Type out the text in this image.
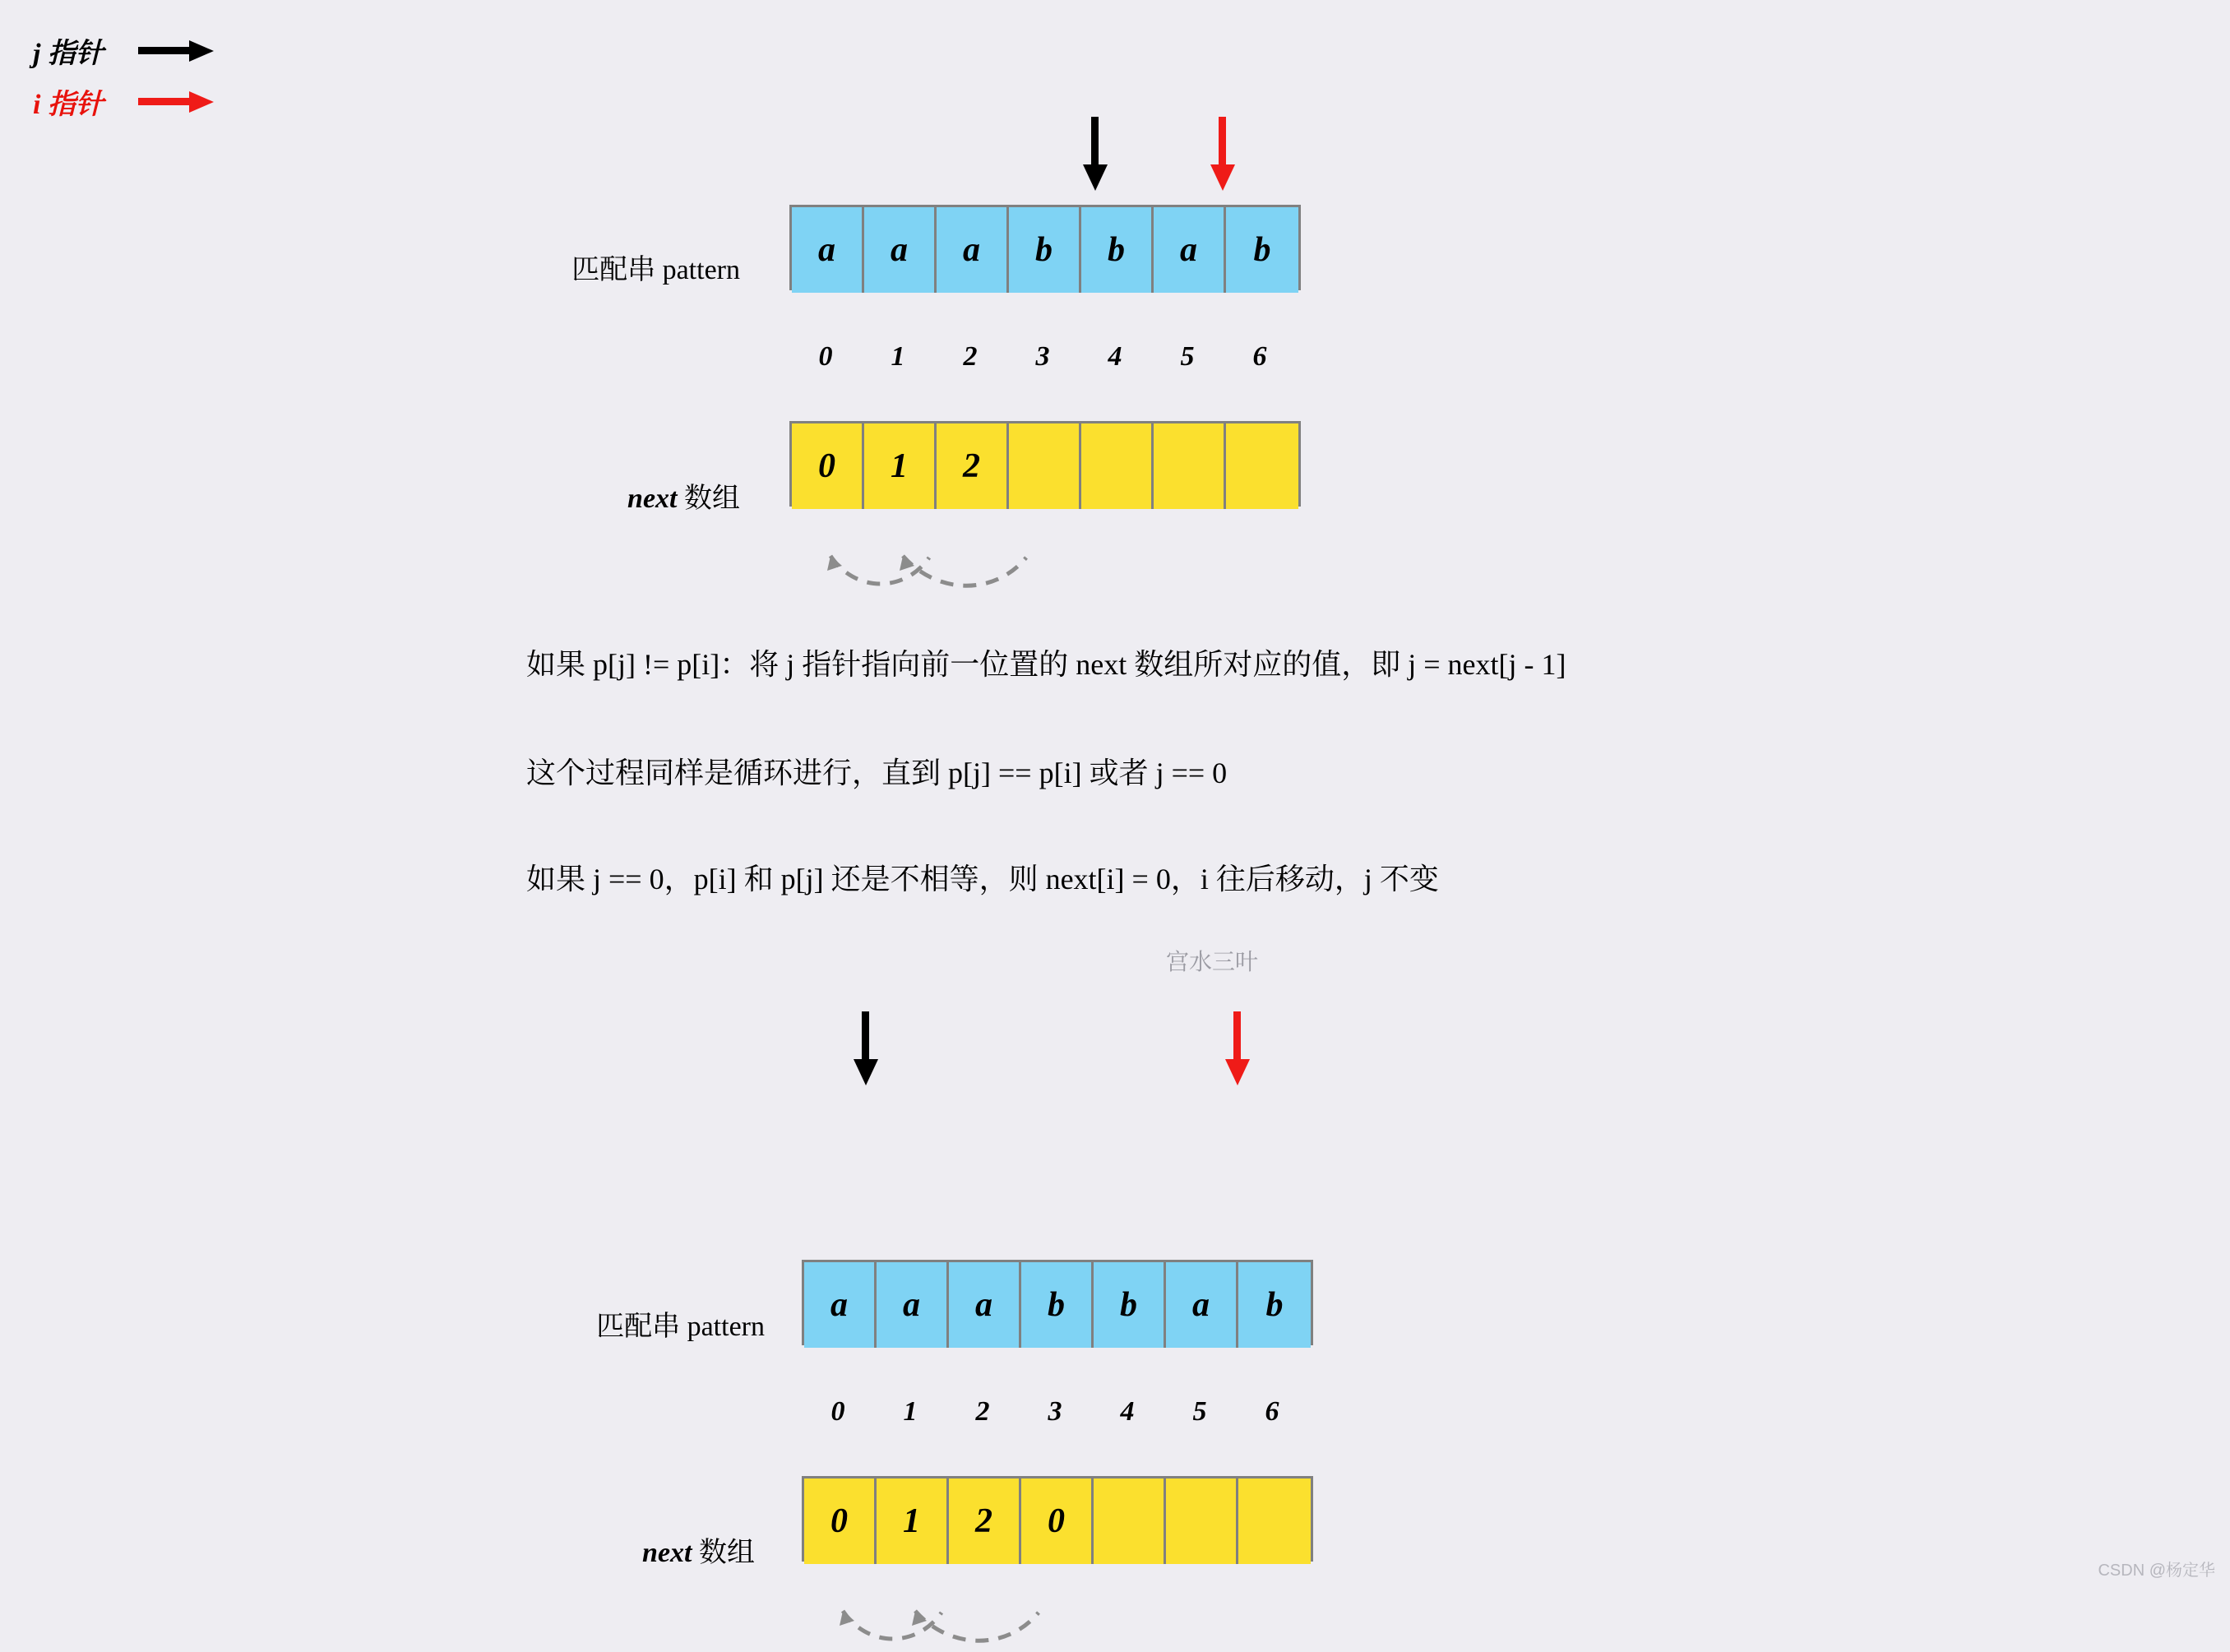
j 指针
i 指针
匹配串 pattern
a	a	a	b	b	a	b
0	1	2	3	4	5	6
next 数组
0	1	2
如果 p[j] != p[i]：将 j 指针指向前一位置的 next 数组所对应的值，即 j = next[j - 1]
这个过程同样是循环进行，直到 p[j] == p[i] 或者 j == 0
如果 j == 0，p[i] 和 p[j] 还是不相等，则 next[i] = 0，i 往后移动，j 不变
宫水三叶
匹配串 pattern
a	a	a	b	b	a	b
0	1	2	3	4	5	6
next 数组
0	1	2	0
CSDN @杨定华
